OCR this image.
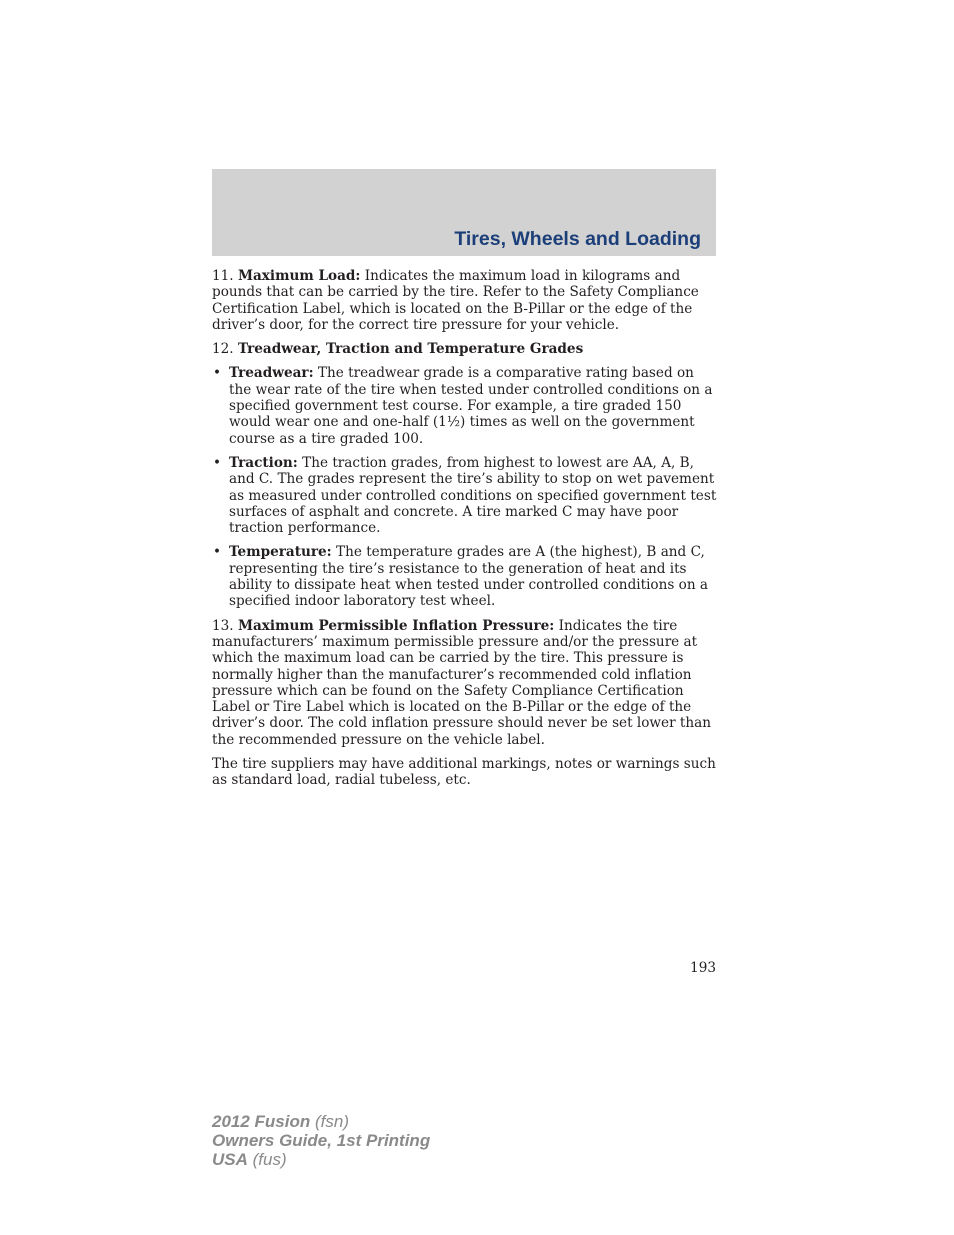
Tires, Wheels and Loading

11. Maximum Load: Indicates the maximum load in kilograms and pounds that can be carried by the tire. Refer to the Safety Compliance Certification Label, which is located on the B-Pillar or the edge of the driver’s door, for the correct tire pressure for your vehicle.

12. Treadwear, Traction and Temperature Grades

• Treadwear: The treadwear grade is a comparative rating based on the wear rate of the tire when tested under controlled conditions on a specified government test course. For example, a tire graded 150 would wear one and one-half (1½) times as well on the government course as a tire graded 100.
• Traction: The traction grades, from highest to lowest are AA, A, B, and C. The grades represent the tire’s ability to stop on wet pavement as measured under controlled conditions on specified government test surfaces of asphalt and concrete. A tire marked C may have poor traction performance.
• Temperature: The temperature grades are A (the highest), B and C, representing the tire’s resistance to the generation of heat and its ability to dissipate heat when tested under controlled conditions on a specified indoor laboratory test wheel.

13. Maximum Permissible Inflation Pressure: Indicates the tire manufacturers’ maximum permissible pressure and/or the pressure at which the maximum load can be carried by the tire. This pressure is normally higher than the manufacturer’s recommended cold inflation pressure which can be found on the Safety Compliance Certification Label or Tire Label which is located on the B-Pillar or the edge of the driver’s door. The cold inflation pressure should never be set lower than the recommended pressure on the vehicle label.

The tire suppliers may have additional markings, notes or warnings such as standard load, radial tubeless, etc.

193
2012 Fusion (fsn)
Owners Guide, 1st Printing
USA (fus)
